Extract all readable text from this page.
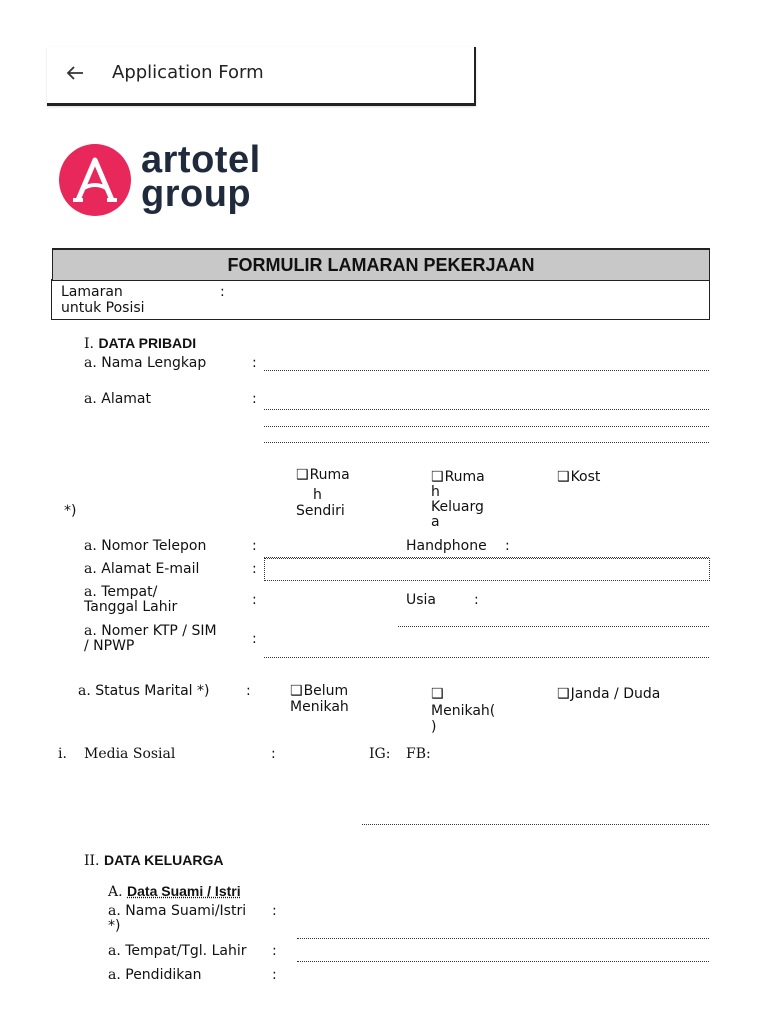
Application Form
artotel
group
FORMULIR LAMARAN PEKERJAAN
Lamaran
untuk Posisi
:
I. DATA PRIBADI
a. Nama Lengkap	:
a. Alamat	:
*)
❑ Ruma
h
Sendiri
❑ Ruma
h
Keluarg
a
❑ Kost
a. Nomor Telepon	:	Handphone :
a. Alamat E-mail	:
a. Tempat/
Tanggal Lahir	:	Usia	:
a. Nomer KTP / SIM
/ NPWP	:
a. Status Marital *)	:
❑	Belum
Menikah
❑
Menikah(
)
❑ Janda / Duda
i. Media Sosial	:	IG: FB:
II. DATA KELUARGA
A. Data Suami / Istri
a. Nama Suami/Istri
*)
:
a. Tempat/Tgl. Lahir :
a. Pendidikan	:
